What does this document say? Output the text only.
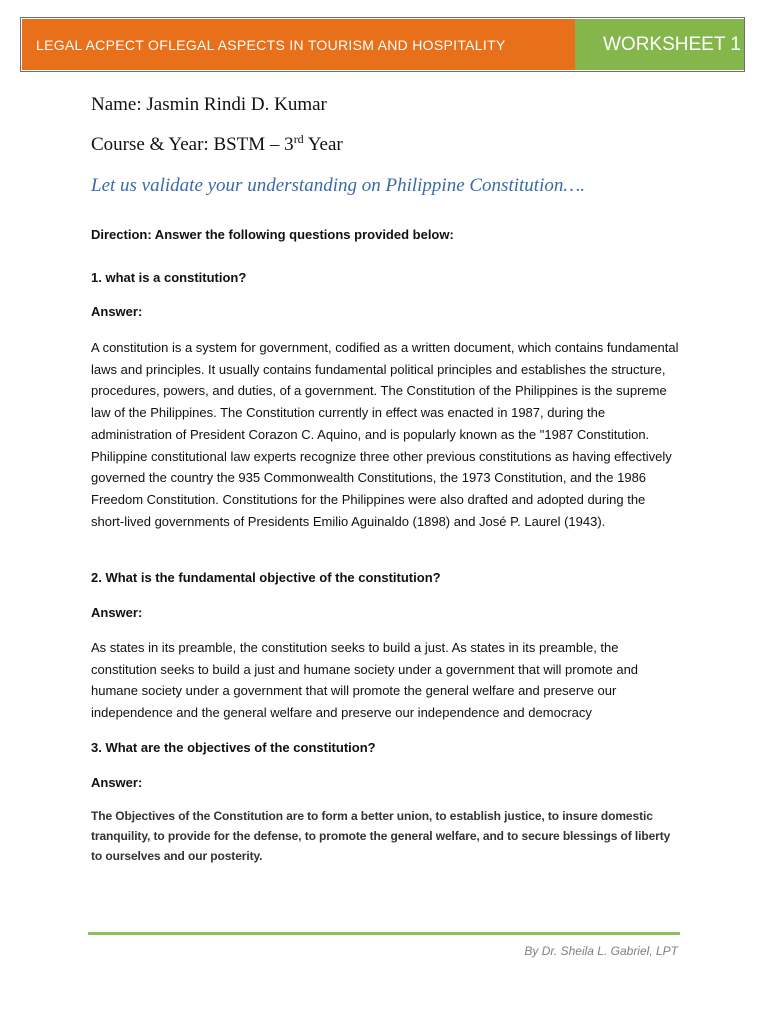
LEGAL ACPECT OFLEGAL ASPECTS IN TOURISM AND HOSPITALITY	WORKSHEET 1
Name: Jasmin Rindi D. Kumar
Course & Year: BSTM – 3rd Year
Let us validate your understanding on Philippine Constitution….
Direction: Answer the following questions provided below:
1. what is a constitution?
Answer:

A constitution is a system for government, codified as a written document, which contains fundamental laws and principles. It usually contains fundamental political principles and establishes the structure, procedures, powers, and duties, of a government. The Constitution of the Philippines is the supreme law of the Philippines. The Constitution currently in effect was enacted in 1987, during the administration of President Corazon C. Aquino, and is popularly known as the "1987 Constitution. Philippine constitutional law experts recognize three other previous constitutions as having effectively governed the country the 935 Commonwealth Constitutions, the 1973 Constitution, and the 1986 Freedom Constitution. Constitutions for the Philippines were also drafted and adopted during the short-lived governments of Presidents Emilio Aguinaldo (1898) and José P. Laurel (1943).

2. What is the fundamental objective of the constitution?
Answer:

As states in its preamble, the constitution seeks to build a just. As states in its preamble, the constitution seeks to build a just and humane society under a government that will promote and humane society under a government that will promote the general welfare and preserve our independence and the general welfare and preserve our independence and democracy

3. What are the objectives of the constitution?
Answer:

The Objectives of the Constitution are to form a better union, to establish justice, to insure domestic tranquility, to provide for the defense, to promote the general welfare, and to secure blessings of liberty to ourselves and our posterity.

By Dr. Sheila L. Gabriel, LPT
